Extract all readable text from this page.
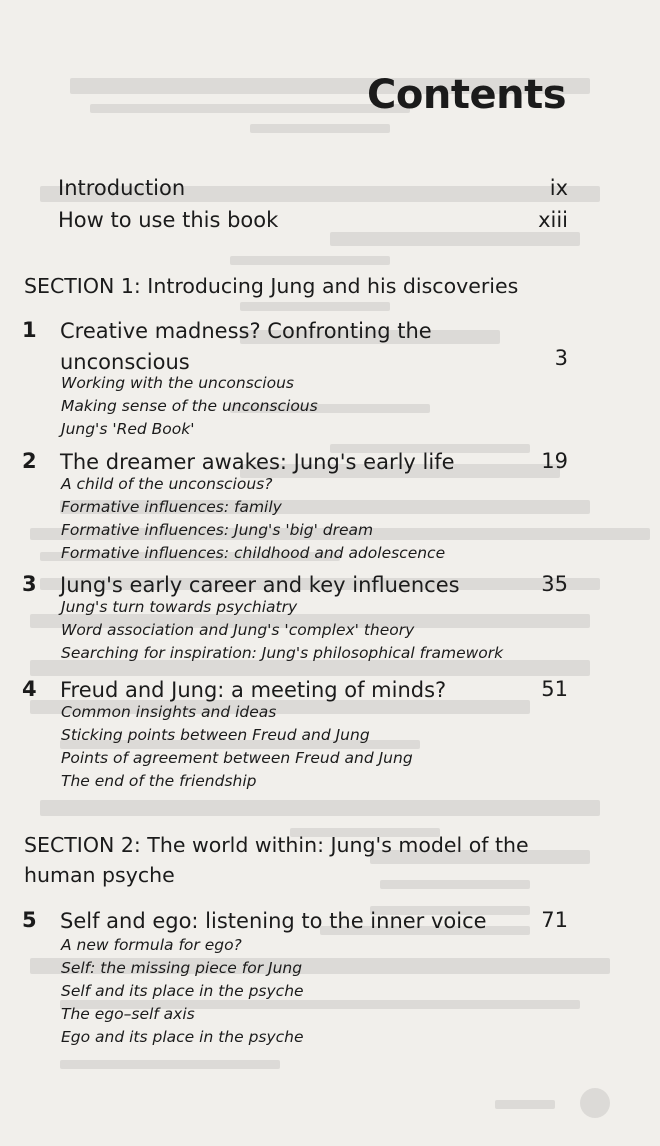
Contents
Introduction	ix
How to use this book	xiii
SECTION 1: Introducing Jung and his discoveries
1 Creative madness? Confronting the unconscious	3
Working with the unconscious
Making sense of the unconscious
Jung's 'Red Book'
2 The dreamer awakes: Jung's early life	19
A child of the unconscious?
Formative influences: family
Formative influences: Jung's 'big' dream
Formative influences: childhood and adolescence
3 Jung's early career and key influences	35
Jung's turn towards psychiatry
Word association and Jung's 'complex' theory
Searching for inspiration: Jung's philosophical framework
4 Freud and Jung: a meeting of minds?	51
Common insights and ideas
Sticking points between Freud and Jung
Points of agreement between Freud and Jung
The end of the friendship
SECTION 2: The world within: Jung's model of the human psyche
5 Self and ego: listening to the inner voice	71
A new formula for ego?
Self: the missing piece for Jung
Self and its place in the psyche
The ego–self axis
Ego and its place in the psyche
